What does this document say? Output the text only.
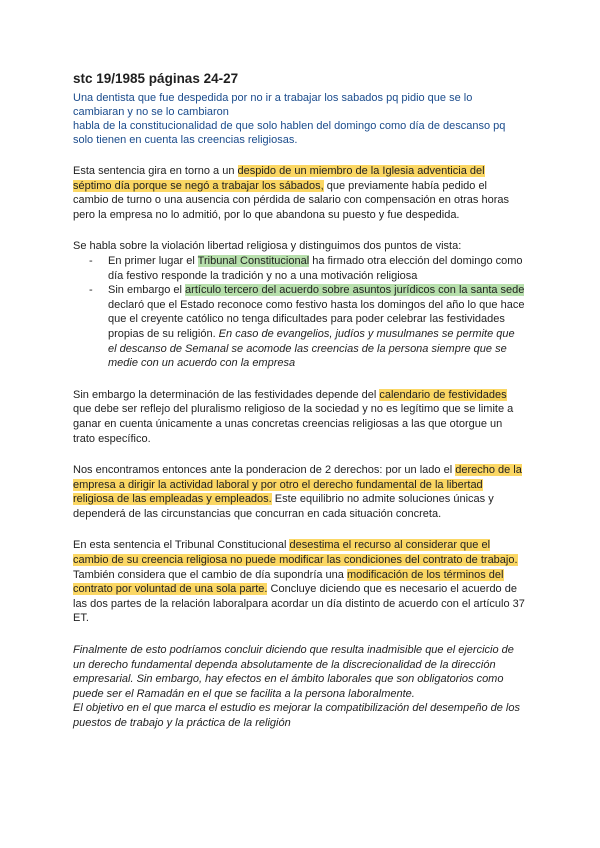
stc 19/1985 páginas 24-27

Una dentista que fue despedida por no ir a trabajar los sabados pq pidio que se lo cambiaran y no se lo cambiaron

habla de la constitucionalidad de que solo hablen del domingo como día de descanso pq solo tienen en cuenta las creencias religiosas.

Esta sentencia gira en torno a un despido de un miembro de la Iglesia adventicia del séptimo día porque se negó a trabajar los sábados, que previamente había pedido el cambio de turno o una ausencia con pérdida de salario con compensación en otras horas pero la empresa no lo admitió, por lo que abandona su puesto y fue despedida.

Se habla sobre la violación libertad religiosa y distinguimos dos puntos de vista:

- En primer lugar el Tribunal Constitucional ha firmado otra elección del domingo como día festivo responde la tradición y no a una motivación religiosa
- Sin embargo el artículo tercero del acuerdo sobre asuntos jurídicos con la santa sede declaró que el Estado reconoce como festivo hasta los domingos del año lo que hace que el creyente católico no tenga dificultades para poder celebrar las festividades propias de su religión. En caso de evangelios, judíos y musulmanes se permite que el descanso de Semanal se acomode las creencias de la persona siempre que se medie con un acuerdo con la empresa

Sin embargo la determinación de las festividades depende del calendario de festividades que debe ser reflejo del pluralismo religioso de la sociedad y no es legítimo que se limite a ganar en cuenta únicamente a unas concretas creencias religiosas a las que otorgue un trato específico.

Nos encontramos entonces ante la ponderacion de 2 derechos: por un lado el derecho de la empresa a dirigir la actividad laboral y por otro el derecho fundamental de la libertad religiosa de las empleadas y empleados. Este equilibrio no admite soluciones únicas y dependerá de las circunstancias que concurran en cada situación concreta.

En esta sentencia el Tribunal Constitucional desestima el recurso al considerar que el cambio de su creencia religiosa no puede modificar las condiciones del contrato de trabajo. También considera que el cambio de día supondría una modificación de los términos del contrato por voluntad de una sola parte. Concluye diciendo que es necesario el acuerdo de las dos partes de la relación laboralpara acordar un día distinto de acuerdo con el artículo 37 ET.

Finalmente de esto podríamos concluir diciendo que resulta inadmisible que el ejercicio de un derecho fundamental dependa absolutamente de la discrecionalidad de la dirección empresarial. Sin embargo, hay efectos en el ámbito laborales que son obligatorios como puede ser el Ramadán en el que se facilita a la persona laboralmente.

El objetivo en el que marca el estudio es mejorar la compatibilización del desempeño de los puestos de trabajo y la práctica de la religión
